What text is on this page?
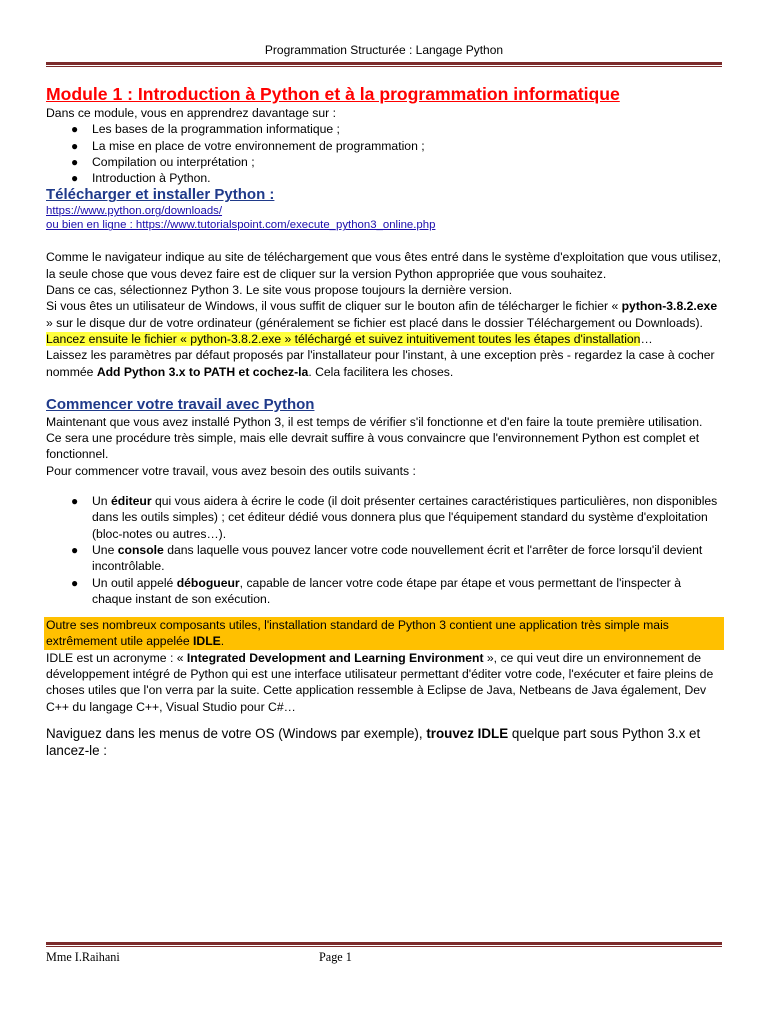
Programmation Structurée : Langage Python
Module 1 : Introduction à Python et à la programmation informatique

Dans ce module, vous en apprendrez davantage sur :

● Les bases de la programmation informatique ;
● La mise en place de votre environnement de programmation ;
● Compilation ou interprétation ;
● Introduction à Python.
Télécharger et installer Python :
https://www.python.org/downloads/
ou bien en ligne : https://www.tutorialspoint.com/execute_python3_online.php

Comme le navigateur indique au site de téléchargement que vous êtes entré dans le système d'exploitation que vous utilisez, la seule chose que vous devez faire est de cliquer sur la version Python appropriée que vous souhaitez.

Dans ce cas, sélectionnez Python 3. Le site vous propose toujours la dernière version.

Si vous êtes un utilisateur de Windows, il vous suffit de cliquer sur le bouton afin de télécharger le fichier « python-3.8.2.exe » sur le disque dur de votre ordinateur (généralement se fichier est placé dans le dossier Téléchargement ou Downloads).

Lancez ensuite le fichier « python-3.8.2.exe » téléchargé et suivez intuitivement toutes les étapes d'installation…

Laissez les paramètres par défaut proposés par l'installateur pour l'instant, à une exception près - regardez la case à cocher nommée Add Python 3.x to PATH et cochez-la. Cela facilitera les choses.

Commencer votre travail avec Python

Maintenant que vous avez installé Python 3, il est temps de vérifier s'il fonctionne et d'en faire la toute première utilisation.

Ce sera une procédure très simple, mais elle devrait suffire à vous convaincre que l'environnement Python est complet et fonctionnel.

Pour commencer votre travail, vous avez besoin des outils suivants :

● Un éditeur qui vous aidera à écrire le code (il doit présenter certaines caractéristiques particulières, non disponibles dans les outils simples) ; cet éditeur dédié vous donnera plus que l'équipement standard du système d'exploitation (bloc-notes ou autres…).
● Une console dans laquelle vous pouvez lancer votre code nouvellement écrit et l'arrêter de force lorsqu'il devient incontrôlable.
● Un outil appelé débogueur, capable de lancer votre code étape par étape et vous permettant de l'inspecter à chaque instant de son exécution.

Outre ses nombreux composants utiles, l'installation standard de Python 3 contient une application très simple mais extrêmement utile appelée IDLE.

IDLE est un acronyme : « Integrated Development and Learning Environment », ce qui veut dire un environnement de développement intégré de Python qui est une interface utilisateur permettant d'éditer votre code, l'exécuter et faire pleins de choses utiles que l'on verra par la suite. Cette application ressemble à Eclipse de Java, Netbeans de Java également, Dev C++ du langage C++, Visual Studio pour C#…

Naviguez dans les menus de votre OS (Windows par exemple), trouvez IDLE quelque part sous Python 3.x et lancez-le :

Mme I.Raihani	Page 1
